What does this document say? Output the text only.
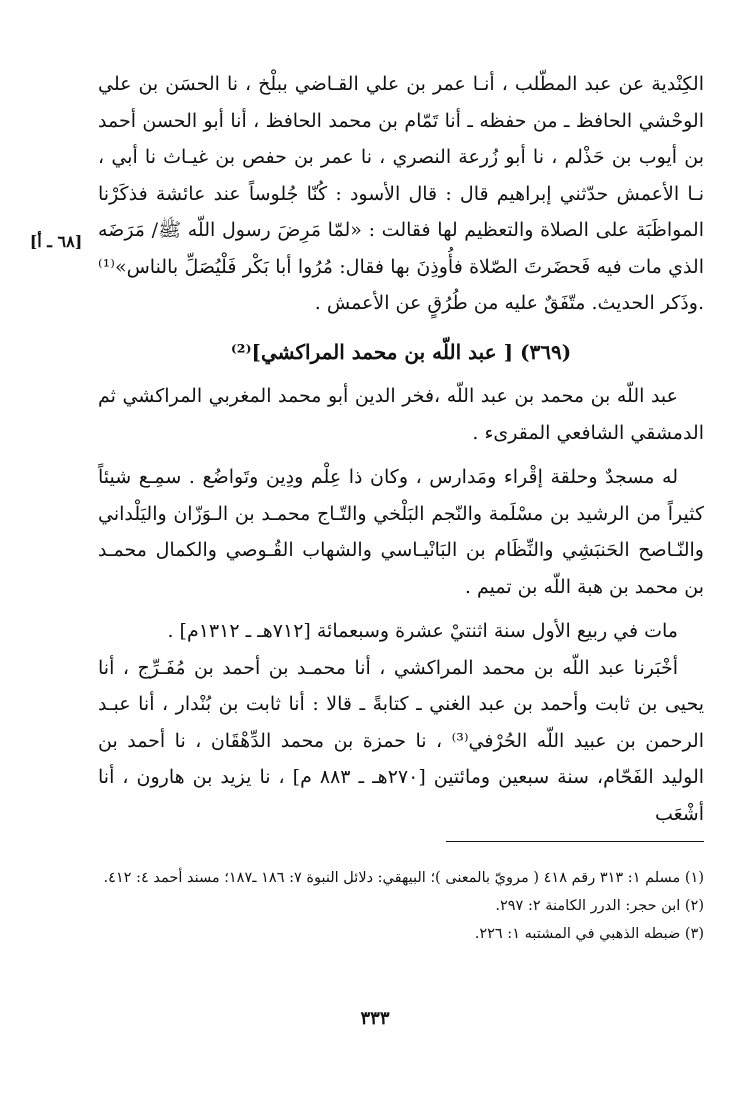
[٦٨ ـ أ]

الكِنْدية عن عبد المطّلب ، أنـا عمر بن علي القـاضي ببلْخ ، نا الحسَن بن علي الوحْشي الحافظ ـ من حفظه ـ أنا تَمّام بن محمد الحافظ ، أنا أبو الحسن أحمد بن أيوب بن حَذْلم ، نا أبو زُرعة النصري ، نا عمر بن حفص بن غيـاث نا أبي ، نـا الأعمش حدّثني إبراهيم قال : قال الأسود : كُنّا جُلوساً عند عائشة فذكَرْنا المواظَبَة على الصلاة والتعظيم لها فقالت : «لمّا مَرِضَ رسول اللّه ﷺ/ مَرَضَه الذي مات فيه فَحضَرتَ الصّلاة فأُوذِنَ بها فقال: مُرُوا أبا بَكْر فَلْيُصَلِّ بالناس»⁽¹⁾ .وذَكر الحديث. متّفَقٌ عليه من طُرُقٍ عن الأعمش .

(٣٦٩) [ عبد اللّه بن محمد المراكشي]⁽²⁾

عبد اللّه بن محمد بن عبد اللّه ،فخر الدين أبو محمد المغربي المراكشي ثم الدمشقي الشافعي المقرىء .

له مسجدٌ وحلقة إقْراء ومَدارس ، وكان ذا عِلْم ودِين وتَواضُع . سمِـع شيئاً كثيراً من الرشيد بن مسْلَمة والنّجم البَلْخي والتّـاج محمـد بن الـوَزّان واليَلْداني والنّـاصح الحَنبَشِي والنِّظَام بن البَانْيـاسي والشهاب القُـوصي والكمال محمـد بن محمد بن هبة اللّه بن تميم .

مات في ربيع الأول سنة اثنتيْ عشرة وسبعمائة [٧١٢هـ ـ ١٣١٢م] .

أخْبَرنا عبد اللّه بن محمد المراكشي ، أنا محمـد بن أحمد بن مُفَـرِّج ، أنا يحيى بن ثابت وأحمد بن عبد الغني ـ كتابةً ـ قالا : أنا ثابت بن بُنْدار ، أنا عبـد الرحمن بن عبيد اللّه الحُرْفي⁽³⁾ ، نا حمزة بن محمد الدِّهْقَان ، نا أحمد بن الوليد الفَحّام، سنة سبعين ومائتين [٢٧٠هـ ـ ٨٨٣ م] ، نا يزيد بن هارون ، أنا أشْعَب

(١) مسلم ١: ٣١٣ رقم ٤١٨ ( مرويّ بالمعنى )؛ البيهقي: دلائل النبوة ٧: ١٨٦ ـ١٨٧؛ مسند أحمد ٤: ٤١٢.

(٢) ابن حجر: الدرر الكامنة ٢: ٢٩٧.

(٣) ضبطه الذهبي في المشتبه ١: ٢٢٦.

٣٣٣
